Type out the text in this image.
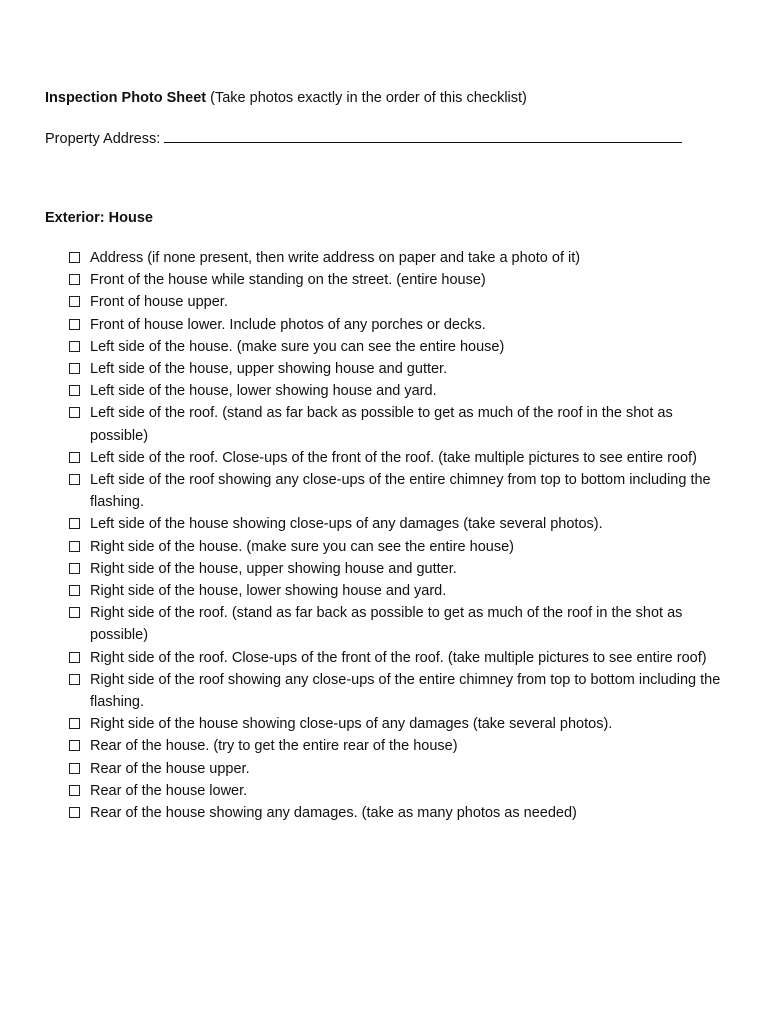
Inspection Photo Sheet (Take photos exactly in the order of this checklist)
Property Address:
Exterior: House
Address (if none present, then write address on paper and take a photo of it)
Front of the house while standing on the street. (entire house)
Front of house upper.
Front of house lower. Include photos of any porches or decks.
Left side of the house. (make sure you can see the entire house)
Left side of the house, upper showing house and gutter.
Left side of the house, lower showing house and yard.
Left side of the roof. (stand as far back as possible to get as much of the roof in the shot as possible)
Left side of the roof. Close-ups of the front of the roof. (take multiple pictures to see entire roof)
Left side of the roof showing any close-ups of the entire chimney from top to bottom including the flashing.
Left side of the house showing close-ups of any damages (take several photos).
Right side of the house. (make sure you can see the entire house)
Right side of the house, upper showing house and gutter.
Right side of the house, lower showing house and yard.
Right side of the roof. (stand as far back as possible to get as much of the roof in the shot as possible)
Right side of the roof. Close-ups of the front of the roof. (take multiple pictures to see entire roof)
Right side of the roof showing any close-ups of the entire chimney from top to bottom including the flashing.
Right side of the house showing close-ups of any damages (take several photos).
Rear of the house. (try to get the entire rear of the house)
Rear of the house upper.
Rear of the house lower.
Rear of the house showing any damages. (take as many photos as needed)
